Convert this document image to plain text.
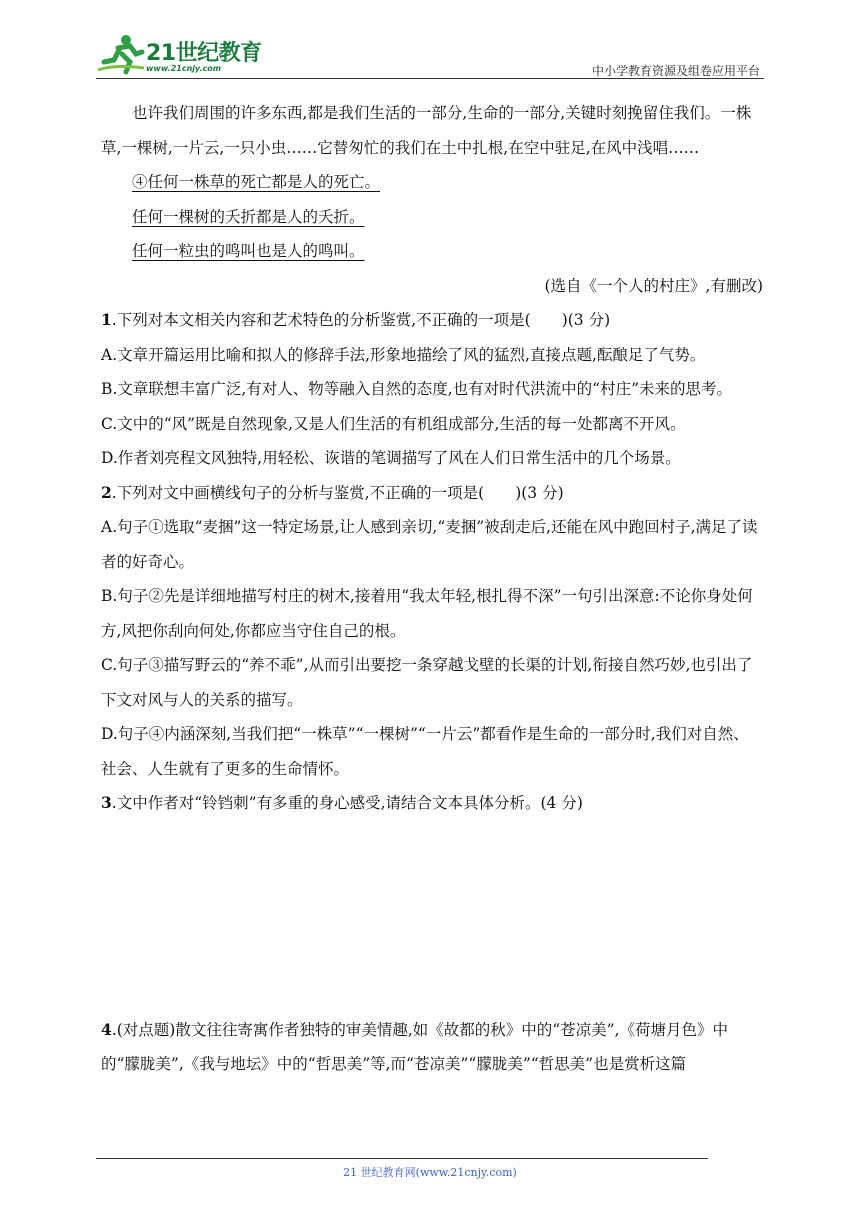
21世纪教育
www.21cnjy.com	中小学教育资源及组卷应用平台

也许我们周围的许多东西,都是我们生活的一部分,生命的一部分,关键时刻挽留住我们。一株草,一棵树,一片云,一只小虫……它替匆忙的我们在土中扎根,在空中驻足,在风中浅唱……

④任何一株草的死亡都是人的死亡。

任何一棵树的夭折都是人的夭折。

任何一粒虫的鸣叫也是人的鸣叫。

(选自《一个人的村庄》,有删改)

1.下列对本文相关内容和艺术特色的分析鉴赏,不正确的一项是(　　)(3 分)

A.文章开篇运用比喻和拟人的修辞手法,形象地描绘了风的猛烈,直接点题,酝酿足了气势。

B.文章联想丰富广泛,有对人、物等融入自然的态度,也有对时代洪流中的“村庄”未来的思考。

C.文中的“风”既是自然现象,又是人们生活的有机组成部分,生活的每一处都离不开风。

D.作者刘亮程文风独特,用轻松、诙谐的笔调描写了风在人们日常生活中的几个场景。

2.下列对文中画横线句子的分析与鉴赏,不正确的一项是(　　)(3 分)

A.句子①选取“麦捆”这一特定场景,让人感到亲切,“麦捆”被刮走后,还能在风中跑回村子,满足了读者的好奇心。

B.句子②先是详细地描写村庄的树木,接着用“我太年轻,根扎得不深”一句引出深意:不论你身处何方,风把你刮向何处,你都应当守住自己的根。

C.句子③描写野云的“养不乖”,从而引出要挖一条穿越戈壁的长渠的计划,衔接自然巧妙,也引出了下文对风与人的关系的描写。

D.句子④内涵深刻,当我们把“一株草”“一棵树”“一片云”都看作是生命的一部分时,我们对自然、社会、人生就有了更多的生命情怀。

3.文中作者对“铃铛刺”有多重的身心感受,请结合文本具体分析。(4 分)

4.(对点题)散文往往寄寓作者独特的审美情趣,如《故都的秋》中的“苍凉美”,《荷塘月色》中的“朦胧美”,《我与地坛》中的“哲思美”等,而“苍凉美”“朦胧美”“哲思美”也是赏析这篇

21 世纪教育网(www.21cnjy.com)
